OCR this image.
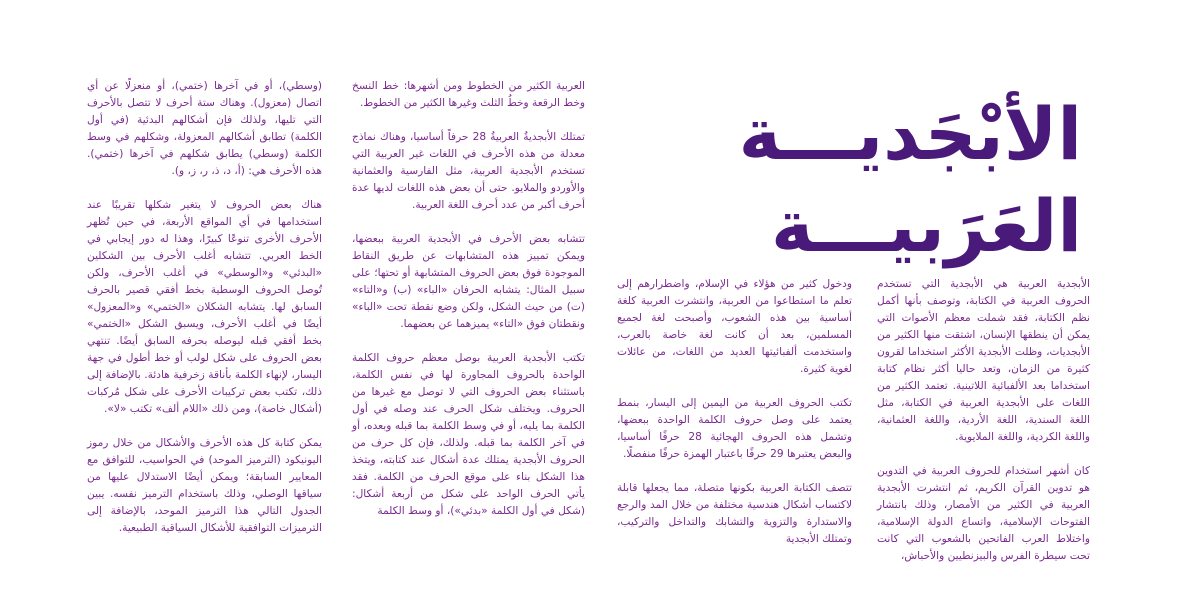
الأبْجَديـــة
العَرَبيـــة

الأبجدية العربية هي الأبجدية التي تستخدم الحروف العربية في الكتابة، وتوصف بأنها أكمل نظم الكتابة، فقد شملت معظم الأصوات التي يمكن أن ينطقها الإنسان، اشتقت منها الكثير من الأبجديات، وظلت الأبجدية الأكثر استخداما لقرون كثيرة من الزمان، وتعد حاليا أكثر نظام كتابة استخداما بعد الألفبائية اللاتينية. تعتمد الكثير من اللغات على الأبجدية العربية في الكتابة، مثل اللغة السندية، اللغة الأردية، واللغة العثمانية، واللغة الكردية، واللغة الملايوية.

كان أشهر استخدام للحروف العربية في التدوين هو تدوين القرآن الكريم، ثم انتشرت الأبجدية العربية في الكثير من الأمصار، وذلك بانتشار الفتوحات الإسلامية، واتساع الدولة الإسلامية، واختلاط العرب الفاتحين بالشعوب التي كانت تحت سيطرة الفرس والبيزنطيين والأحباش،

ودخول كثير من هؤلاء في الإسلام، واضطرارهم إلى تعلم ما استطاعوا من العربية، وانتشرت العربية كلغة أساسية بين هذه الشعوب، وأصبحت لغة لجميع المسلمين، بعد أن كانت لغة خاصة بالعرب، واستخدمت ألفبائيتها العديد من اللغات، من عائلات لغوية كثيرة.

تكتب الحروف العربية من اليمين إلى اليسار، بنمط يعتمد على وصل حروف الكلمة الواحدة ببعضها، وتشمل هذه الحروف الهجائية 28 حرفًا أساسيا، والبعض يعتبرها 29 حرفًا باعتبار الهمزة حرفًا منفصلًا.

تتصف الكتابة العربية بكونها متصلة، مما يجعلها قابلة لاكتساب أشكال هندسية مختلفة من خلال المد والرجع والاستدارة والتزوية والتشابك والتداخل والتركيب، وتمتلك الأبجدية

العربية الكثير من الخطوط ومن أشهرها: خط النسخ وخط الرقعة وخطُ الثلث وغيرها الكثير من الخطوط.

تمتلك الأبجديةُ العربيةُ 28 حرفاً أساسيا، وهناك نماذج معدلة من هذه الأحرف في اللغات غير العربية التي تستخدم الأبجدية العربية، مثل الفارسية والعثمانية والأوردو والملايو. حتى أن بعض هذه اللغات لديها عدة أحرف أكبر من عدد أحرف اللغة العربية.

تتشابه بعض الأحرف في الأبجدية العربية ببعضها، ويمكن تمييز هذه المتشابهات عن طريق النقاط الموجودة فوق بعض الحروف المتشابهة أو تحتها؛ على سبيل المثال: يتشابه الحرفان «الباء» (ب) و«التاء» (ت) من حيث الشكل، ولكن وضع نقطة تحت «الباء» ونقطتان فوق «التاء» يميزهما عن بعضهما.

تكتب الأبجدية العربية بوصل معظم حروف الكلمة الواحدة بالحروف المجاورة لها في نفس الكلمة، باستثناء بعض الحروف التي لا توصل مع غيرها من الحروف. ويختلف شكل الحرف عند وصله في أول الكلمة بما يليه، أو في وسط الكلمة بما قبله وبعده، أو في آخر الكلمة بما قبله. ولذلك، فإن كل حرف من الحروف الأبجدية يمتلك عدة أشكال عند كتابته، ويتخذ هذا الشكل بناء على موقع الحرف من الكلمة. فقد يأتي الحرف الواحد على شكل من أربعة أشكال: (شكل في أول الكلمة «بدئي»)، أو وسط الكلمة

(وسطي)، أو في آخرها (ختمي)، أو منعزلًا عن أي اتصال (معزول). وهناك ستة أحرف لا تتصل بالأحرف التي تليها، ولذلك فإن أشكالهم البدئية (في أول الكلمة) تطابق أشكالهم المعزولة، وشكلهم في وسط الكلمة (وسطي) يطابق شكلهم في آخرها (ختمي). هذه الأحرف هي: (أ، د، ذ، ر، ز، و).

هناك بعض الحروف لا يتغير شكلها تقريبًا عند استخدامها في أي المواقع الأربعة، في حين تُظهر الأحرف الأخرى تنوعًا كبيرًا، وهذا له دور إيجابي في الخط العربي. تتشابه أغلب الأحرف بين الشكلين «البدئي» و«الوسطي» في أغلب الأحرف، ولكن تُوصل الحروف الوسطية بخط أفقي قصير بالحرف السابق لها. يتشابه الشكلان «الختمي» و«المعزول» أيضًا في أغلب الأحرف، ويسبق الشكل «الختمي» بخط أفقي قبله ليوصله بحرفه السابق أيضًا. تنتهي بعض الحروف على شكل لولب أو خط أطول في جهة اليسار، لإنهاء الكلمة بأناقة زخرفية هادئة. بالإضافة إلى ذلك، تكتب بعض تركيبات الأحرف على شكل مُركبات (أشكال خاصة)، ومن ذلك «اللام ألف» تكتب «لا».

يمكن كتابة كل هذه الأحرف والأشكال من خلال رموز اليونيكود (الترميز الموحد) في الحواسيب، للتوافق مع المعايير السابقة؛ ويمكن أيضًا الاستدلال عليها من سياقها الوصلي، وذلك باستخدام الترميز نفسه. يبين الجدول التالي هذا الترميز الموحد، بالإضافة إلى الترميزات التوافقية للأشكال السياقية الطبيعية.
